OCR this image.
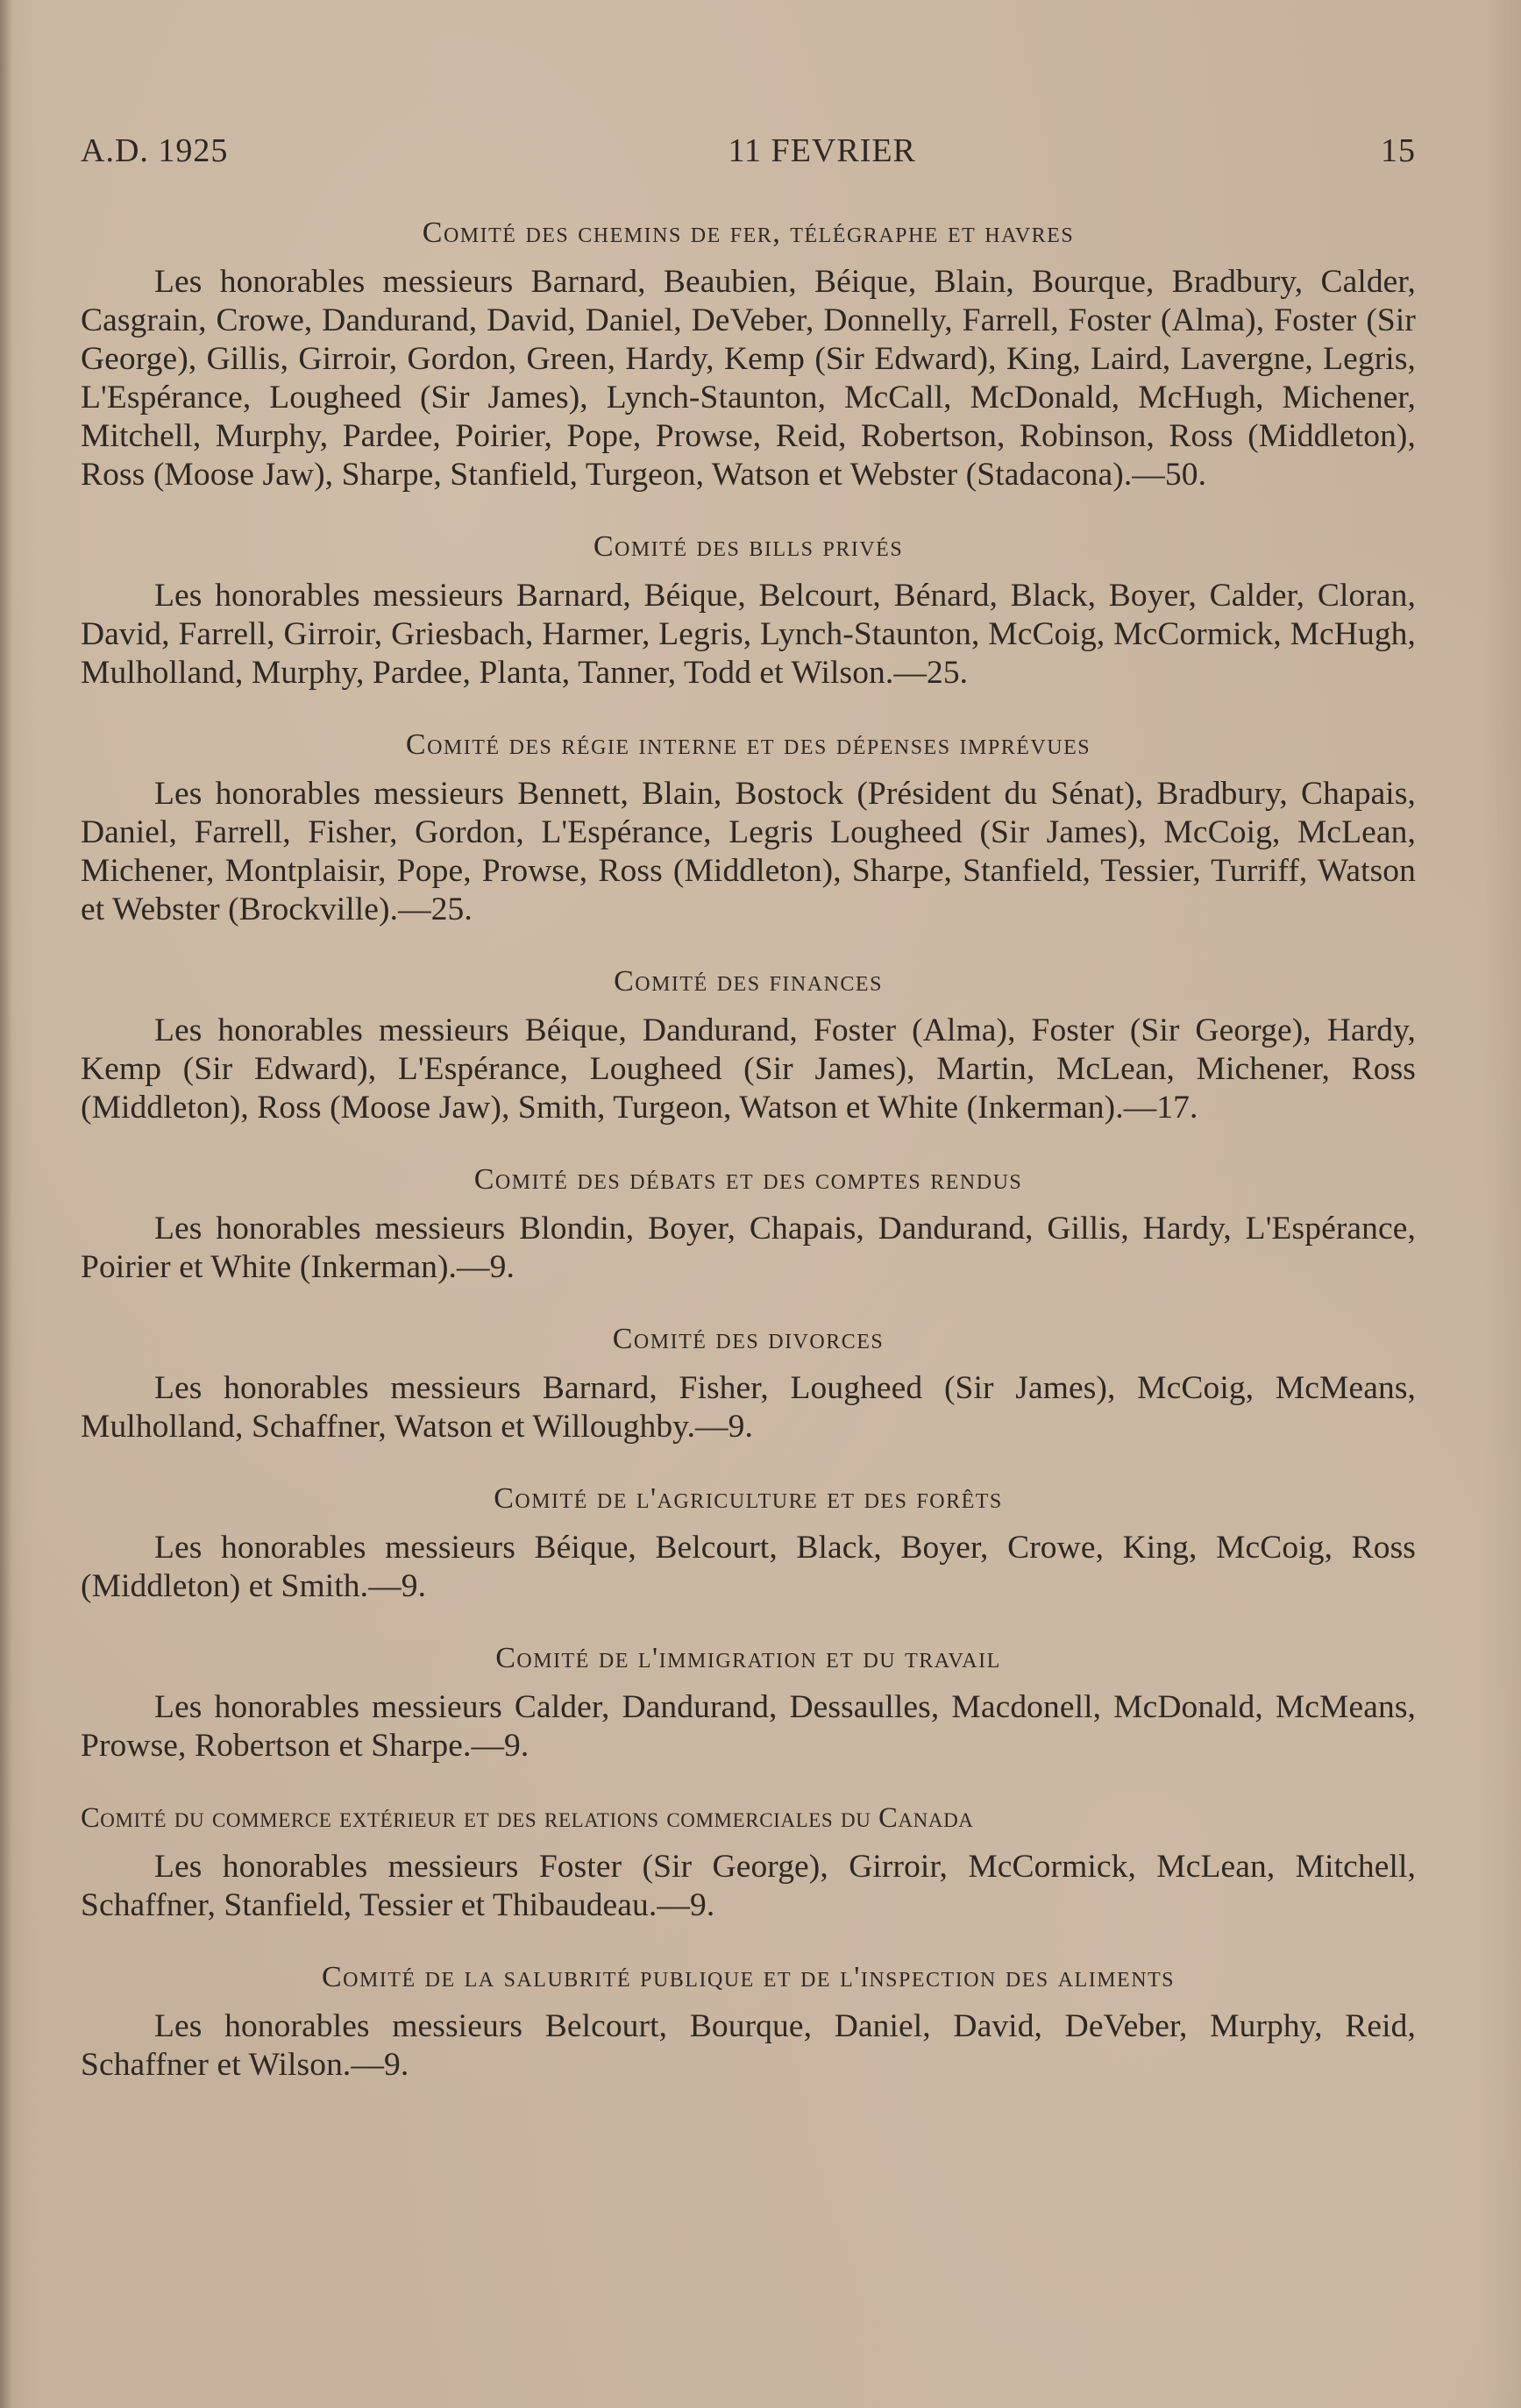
A.D. 1925	11 FEVRIER	15

Comité des chemins de fer, télégraphe et havres

Les honorables messieurs Barnard, Beaubien, Béique, Blain, Bourque, Bradbury, Calder, Casgrain, Crowe, Dandurand, David, Daniel, DeVeber, Donnelly, Farrell, Foster (Alma), Foster (Sir George), Gillis, Girroir, Gordon, Green, Hardy, Kemp (Sir Edward), King, Laird, Lavergne, Legris, L'Espérance, Lougheed (Sir James), Lynch-Staunton, McCall, McDonald, McHugh, Michener, Mitchell, Murphy, Pardee, Poirier, Pope, Prowse, Reid, Robertson, Robinson, Ross (Middleton), Ross (Moose Jaw), Sharpe, Stanfield, Turgeon, Watson et Webster (Stadacona).—50.

Comité des bills privés

Les honorables messieurs Barnard, Béique, Belcourt, Bénard, Black, Boyer, Calder, Cloran, David, Farrell, Girroir, Griesbach, Harmer, Legris, Lynch-Staunton, McCoig, McCormick, McHugh, Mulholland, Murphy, Pardee, Planta, Tanner, Todd et Wilson.—25.

Comité des régie interne et des dépenses imprévues

Les honorables messieurs Bennett, Blain, Bostock (Président du Sénat), Bradbury, Chapais, Daniel, Farrell, Fisher, Gordon, L'Espérance, Legris Lougheed (Sir James), McCoig, McLean, Michener, Montplaisir, Pope, Prowse, Ross (Middleton), Sharpe, Stanfield, Tessier, Turriff, Watson et Webster (Brockville).—25.

Comité des finances

Les honorables messieurs Béique, Dandurand, Foster (Alma), Foster (Sir George), Hardy, Kemp (Sir Edward), L'Espérance, Lougheed (Sir James), Martin, McLean, Michener, Ross (Middleton), Ross (Moose Jaw), Smith, Turgeon, Watson et White (Inkerman).—17.

Comité des débats et des comptes rendus

Les honorables messieurs Blondin, Boyer, Chapais, Dandurand, Gillis, Hardy, L'Espérance, Poirier et White (Inkerman).—9.

Comité des divorces

Les honorables messieurs Barnard, Fisher, Lougheed (Sir James), McCoig, McMeans, Mulholland, Schaffner, Watson et Willoughby.—9.

Comité de l'agriculture et des forêts

Les honorables messieurs Béique, Belcourt, Black, Boyer, Crowe, King, McCoig, Ross (Middleton) et Smith.—9.

Comité de l'immigration et du travail

Les honorables messieurs Calder, Dandurand, Dessaulles, Macdonell, McDonald, McMeans, Prowse, Robertson et Sharpe.—9.

Comité du commerce extérieur et des relations commerciales du Canada

Les honorables messieurs Foster (Sir George), Girroir, McCormick, McLean, Mitchell, Schaffner, Stanfield, Tessier et Thibaudeau.—9.

Comité de la salubrité publique et de l'inspection des aliments

Les honorables messieurs Belcourt, Bourque, Daniel, David, DeVeber, Murphy, Reid, Schaffner et Wilson.—9.
